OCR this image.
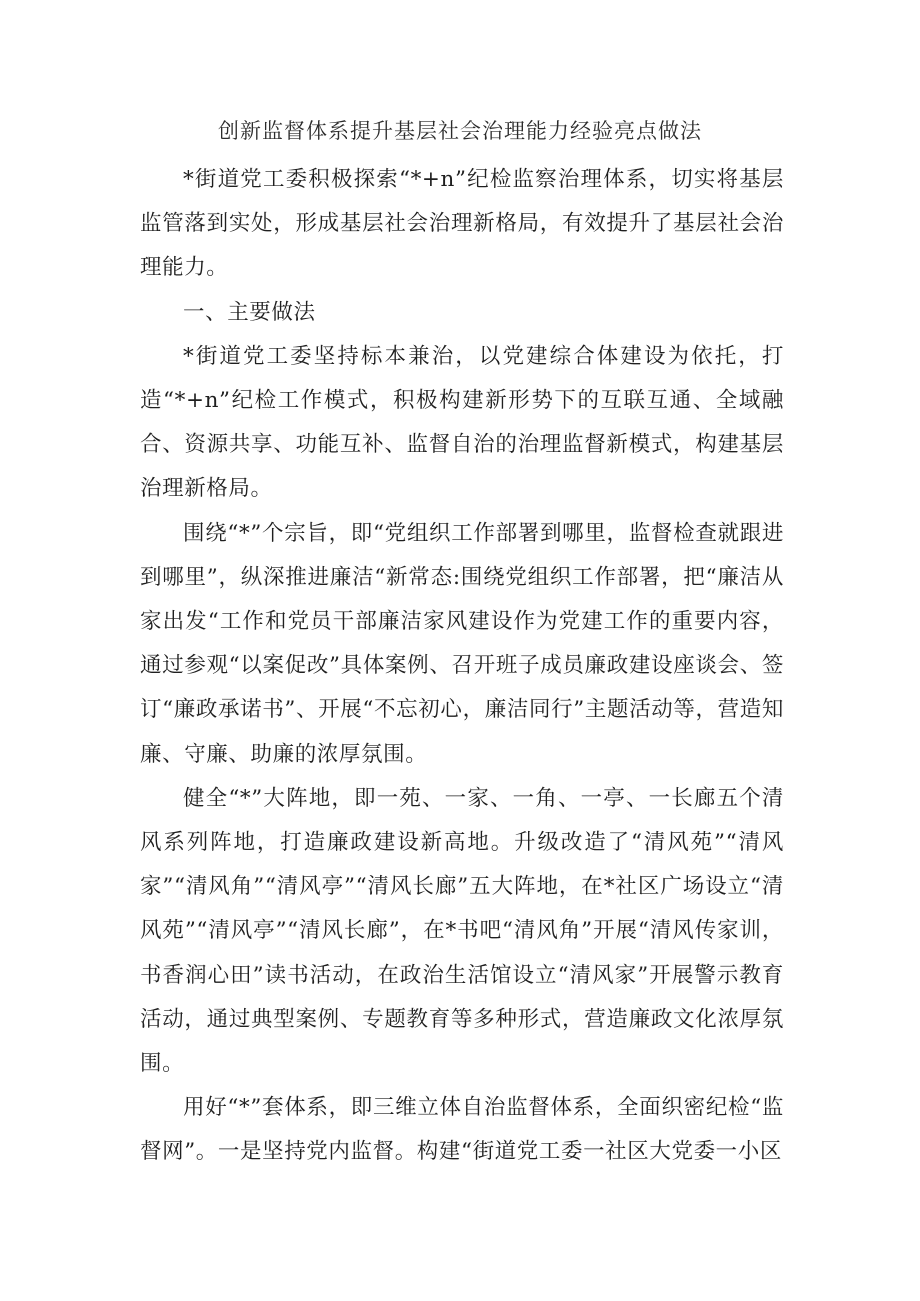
创新监督体系提升基层社会治理能力经验亮点做法

*街道党工委积极探索“*+n”纪检监察治理体系，切实将基层监管落到实处，形成基层社会治理新格局，有效提升了基层社会治理能力。

一、主要做法

*街道党工委坚持标本兼治，以党建综合体建设为依托，打造“*+n”纪检工作模式，积极构建新形势下的互联互通、全域融合、资源共享、功能互补、监督自治的治理监督新模式，构建基层治理新格局。

围绕“*”个宗旨，即“党组织工作部署到哪里，监督检查就跟进到哪里”，纵深推进廉洁“新常态:围绕党组织工作部署，把“廉洁从家出发“工作和党员干部廉洁家风建设作为党建工作的重要内容，通过参观“以案促改”具体案例、召开班子成员廉政建设座谈会、签订“廉政承诺书”、开展“不忘初心，廉洁同行”主题活动等，营造知廉、守廉、助廉的浓厚氛围。

健全“*”大阵地，即一苑、一家、一角、一亭、一长廊五个清风系列阵地，打造廉政建设新高地。升级改造了“清风苑”“清风家”“清风角”“清风亭”“清风长廊”五大阵地，在*社区广场设立“清风苑”“清风亭”“清风长廊”，在*书吧“清风角”开展“清风传家训，书香润心田”读书活动，在政治生活馆设立“清风家”开展警示教育活动，通过典型案例、专题教育等多种形式，营造廉政文化浓厚氛围。

用好“*”套体系，即三维立体自治监督体系，全面织密纪检“监督网”。一是坚持党内监督。构建“街道党工委一社区大党委一小区
